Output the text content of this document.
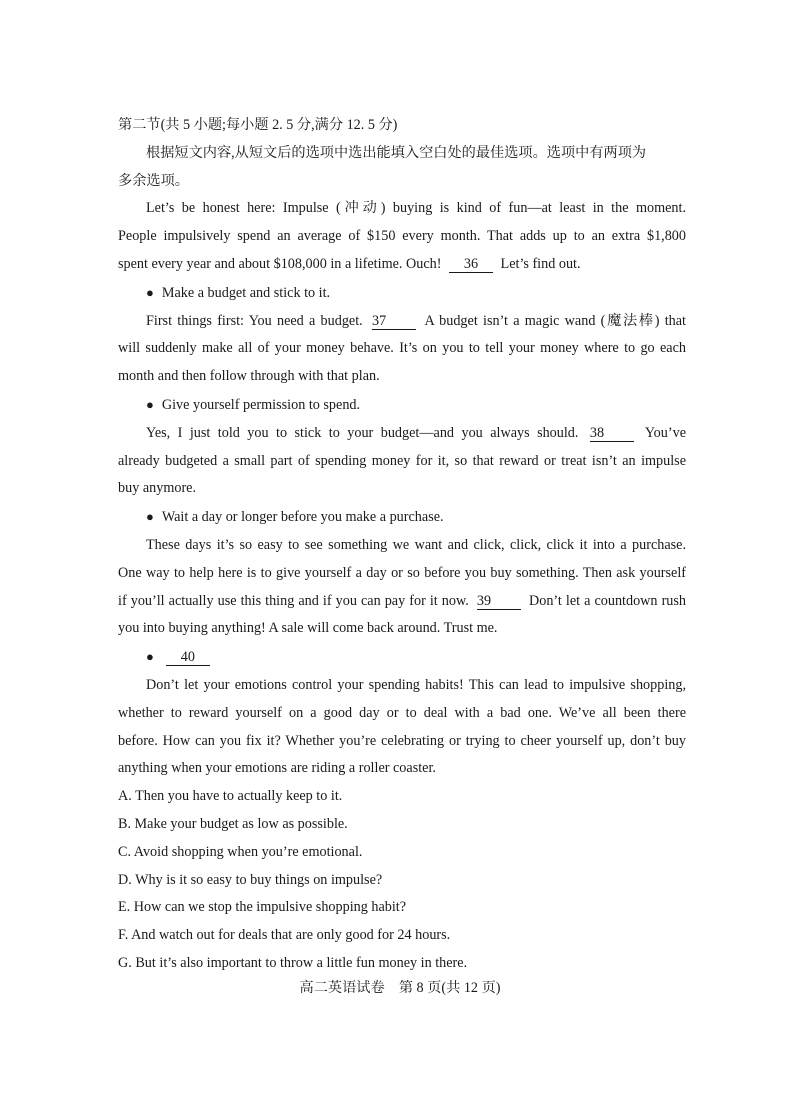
第二节(共 5 小题;每小题 2. 5 分,满分 12. 5 分)
根据短文内容,从短文后的选项中选出能填入空白处的最佳选项。选项中有两项为
多余选项。
Let’s be honest here: Impulse (冲动) buying is kind of fun—at least in the moment.
People impulsively spend an average of $150 every month. That adds up to an extra $1,800
spent every year and about $108,000 in a lifetime. Ouch! 36 Let’s find out.
● Make a budget and stick to it.
First things first: You need a budget. 37	A budget isn’t a magic wand (魔法棒) that
will suddenly make all of your money behave. It’s on you to tell your money where to go each
month and then follow through with that plan.
● Give yourself permission to spend.
Yes, I just told you to stick to your budget—and you always should. 38	You’ve
already budgeted a small part of spending money for it, so that reward or treat isn’t an impulse
buy anymore.
● Wait a day or longer before you make a purchase.
These days it’s so easy to see something we want and click, click, click it into a purchase.
One way to help here is to give yourself a day or so before you buy something. Then ask yourself
if you’ll actually use this thing and if you can pay for it now. 39	Don’t let a countdown rush
you into buying anything! A sale will come back around. Trust me.
● 40
Don’t let your emotions control your spending habits! This can lead to impulsive shopping,
whether to reward yourself on a good day or to deal with a bad one. We’ve all been there
before. How can you fix it? Whether you’re celebrating or trying to cheer yourself up, don’t buy
anything when your emotions are riding a roller coaster.
A. Then you have to actually keep to it.
B. Make your budget as low as possible.
C. Avoid shopping when you’re emotional.
D. Why is it so easy to buy things on impulse?
E. How can we stop the impulsive shopping habit?
F. And watch out for deals that are only good for 24 hours.
G. But it’s also important to throw a little fun money in there.
高二英语试卷　第 8 页(共 12 页)
